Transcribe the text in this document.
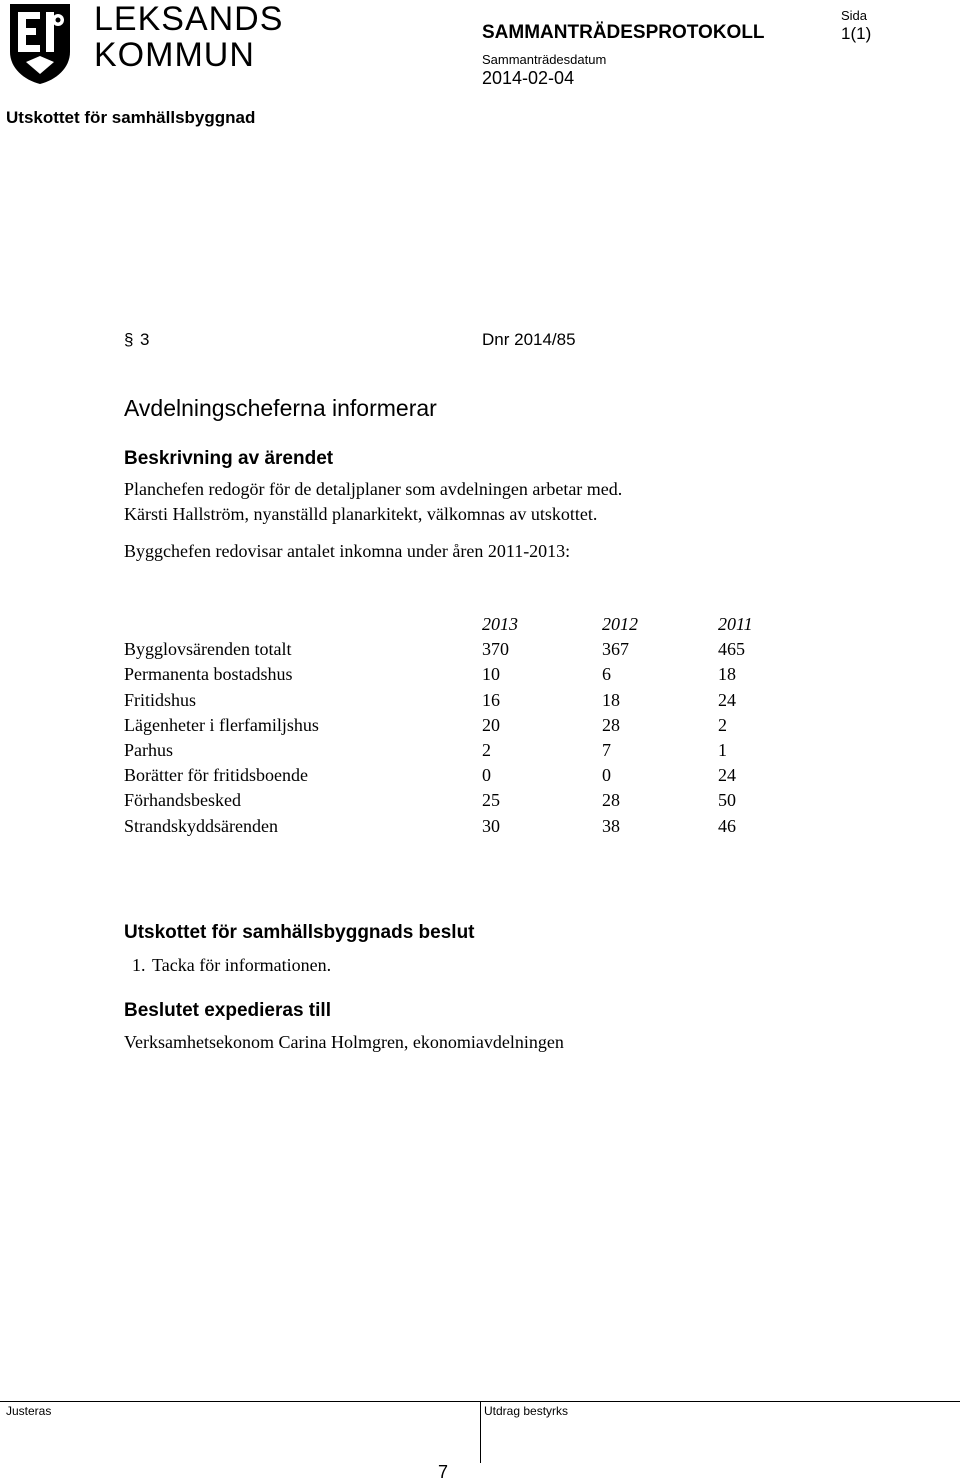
LEKSANDS
KOMMUN
SAMMANTRÄDESPROTOKOLL
Sammanträdesdatum
2014-02-04
Sida
1(1)
Utskottet för samhällsbyggnad
§ 3	Dnr 2014/85
Avdelningscheferna informerar
Beskrivning av ärendet
Planchefen redogör för de detaljplaner som avdelningen arbetar med.
Kärsti Hallström, nyanställd planarkitekt, välkomnas av utskottet.
Byggchefen redovisar antalet inkomna under åren 2011-2013:
	2013	2012	2011
Bygglovsärenden totalt	370	367	465
Permanenta bostadshus	10	6	18
Fritidshus	16	18	24
Lägenheter i flerfamiljshus	20	28	2
Parhus	2	7	1
Borätter för fritidsboende	0	0	24
Förhandsbesked	25	28	50
Strandskyddsärenden	30	38	46
Utskottet för samhällsbyggnads beslut
1. Tacka för informationen.
Beslutet expedieras till
Verksamhetsekonom Carina Holmgren, ekonomiavdelningen
Justeras	Utdrag bestyrks
7
